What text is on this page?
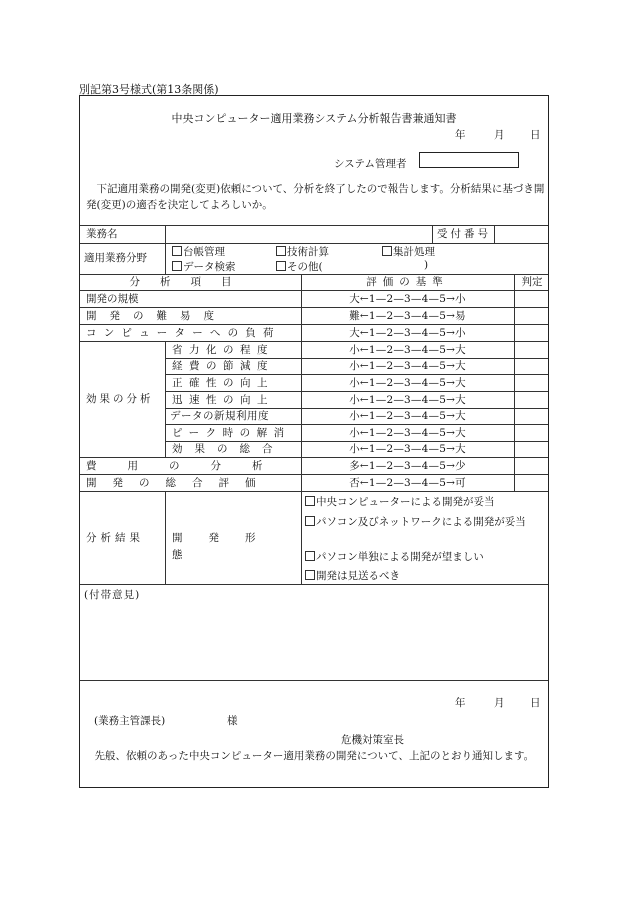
別記第3号様式(第13条関係)
中央コンピューター適用業務システム分析報告書兼通知書
年	月 日
システム管理者
下記適用業務の開発(変更)依頼について、分析を終了したので報告します。分析結果に基づき開発(変更)の適否を決定してよろしいか。
業務名	受付番号
適用業務分野	台帳管理	技術計算	集計処理
データ検索	その他(	)
分析項目	評価の基準	判定
開発の規模	大←1—2—3—4—5→小
開発の難易度	難←1—2—3—4—5→易
コンピューターへの負荷	大←1—2—3—4—5→小
効果の分析
省力化の程度	小←1—2—3—4—5→大
経費の節減度	小←1—2—3—4—5→大
正確性の向上	小←1—2—3—4—5→大
迅速性の向上	小←1—2—3—4—5→大
データの新規利用度	小←1—2—3—4—5→大
ピーク時の解消	小←1—2—3—4—5→大
効果の総合	小←1—2—3—4—5→大
費用の分析	多←1—2—3—4—5→少
開発の総合評価	否←1—2—3—4—5→可
分析結果	開発形態
中央コンピューターによる開発が妥当
パソコン及びネットワークによる開発が妥当
パソコン単独による開発が望ましい
開発は見送るべき
(付帯意見)
年	月 日
(業務主管課長)	様
危機対策室長
先般、依頼のあった中央コンピューター適用業務の開発について、上記のとおり通知します。
